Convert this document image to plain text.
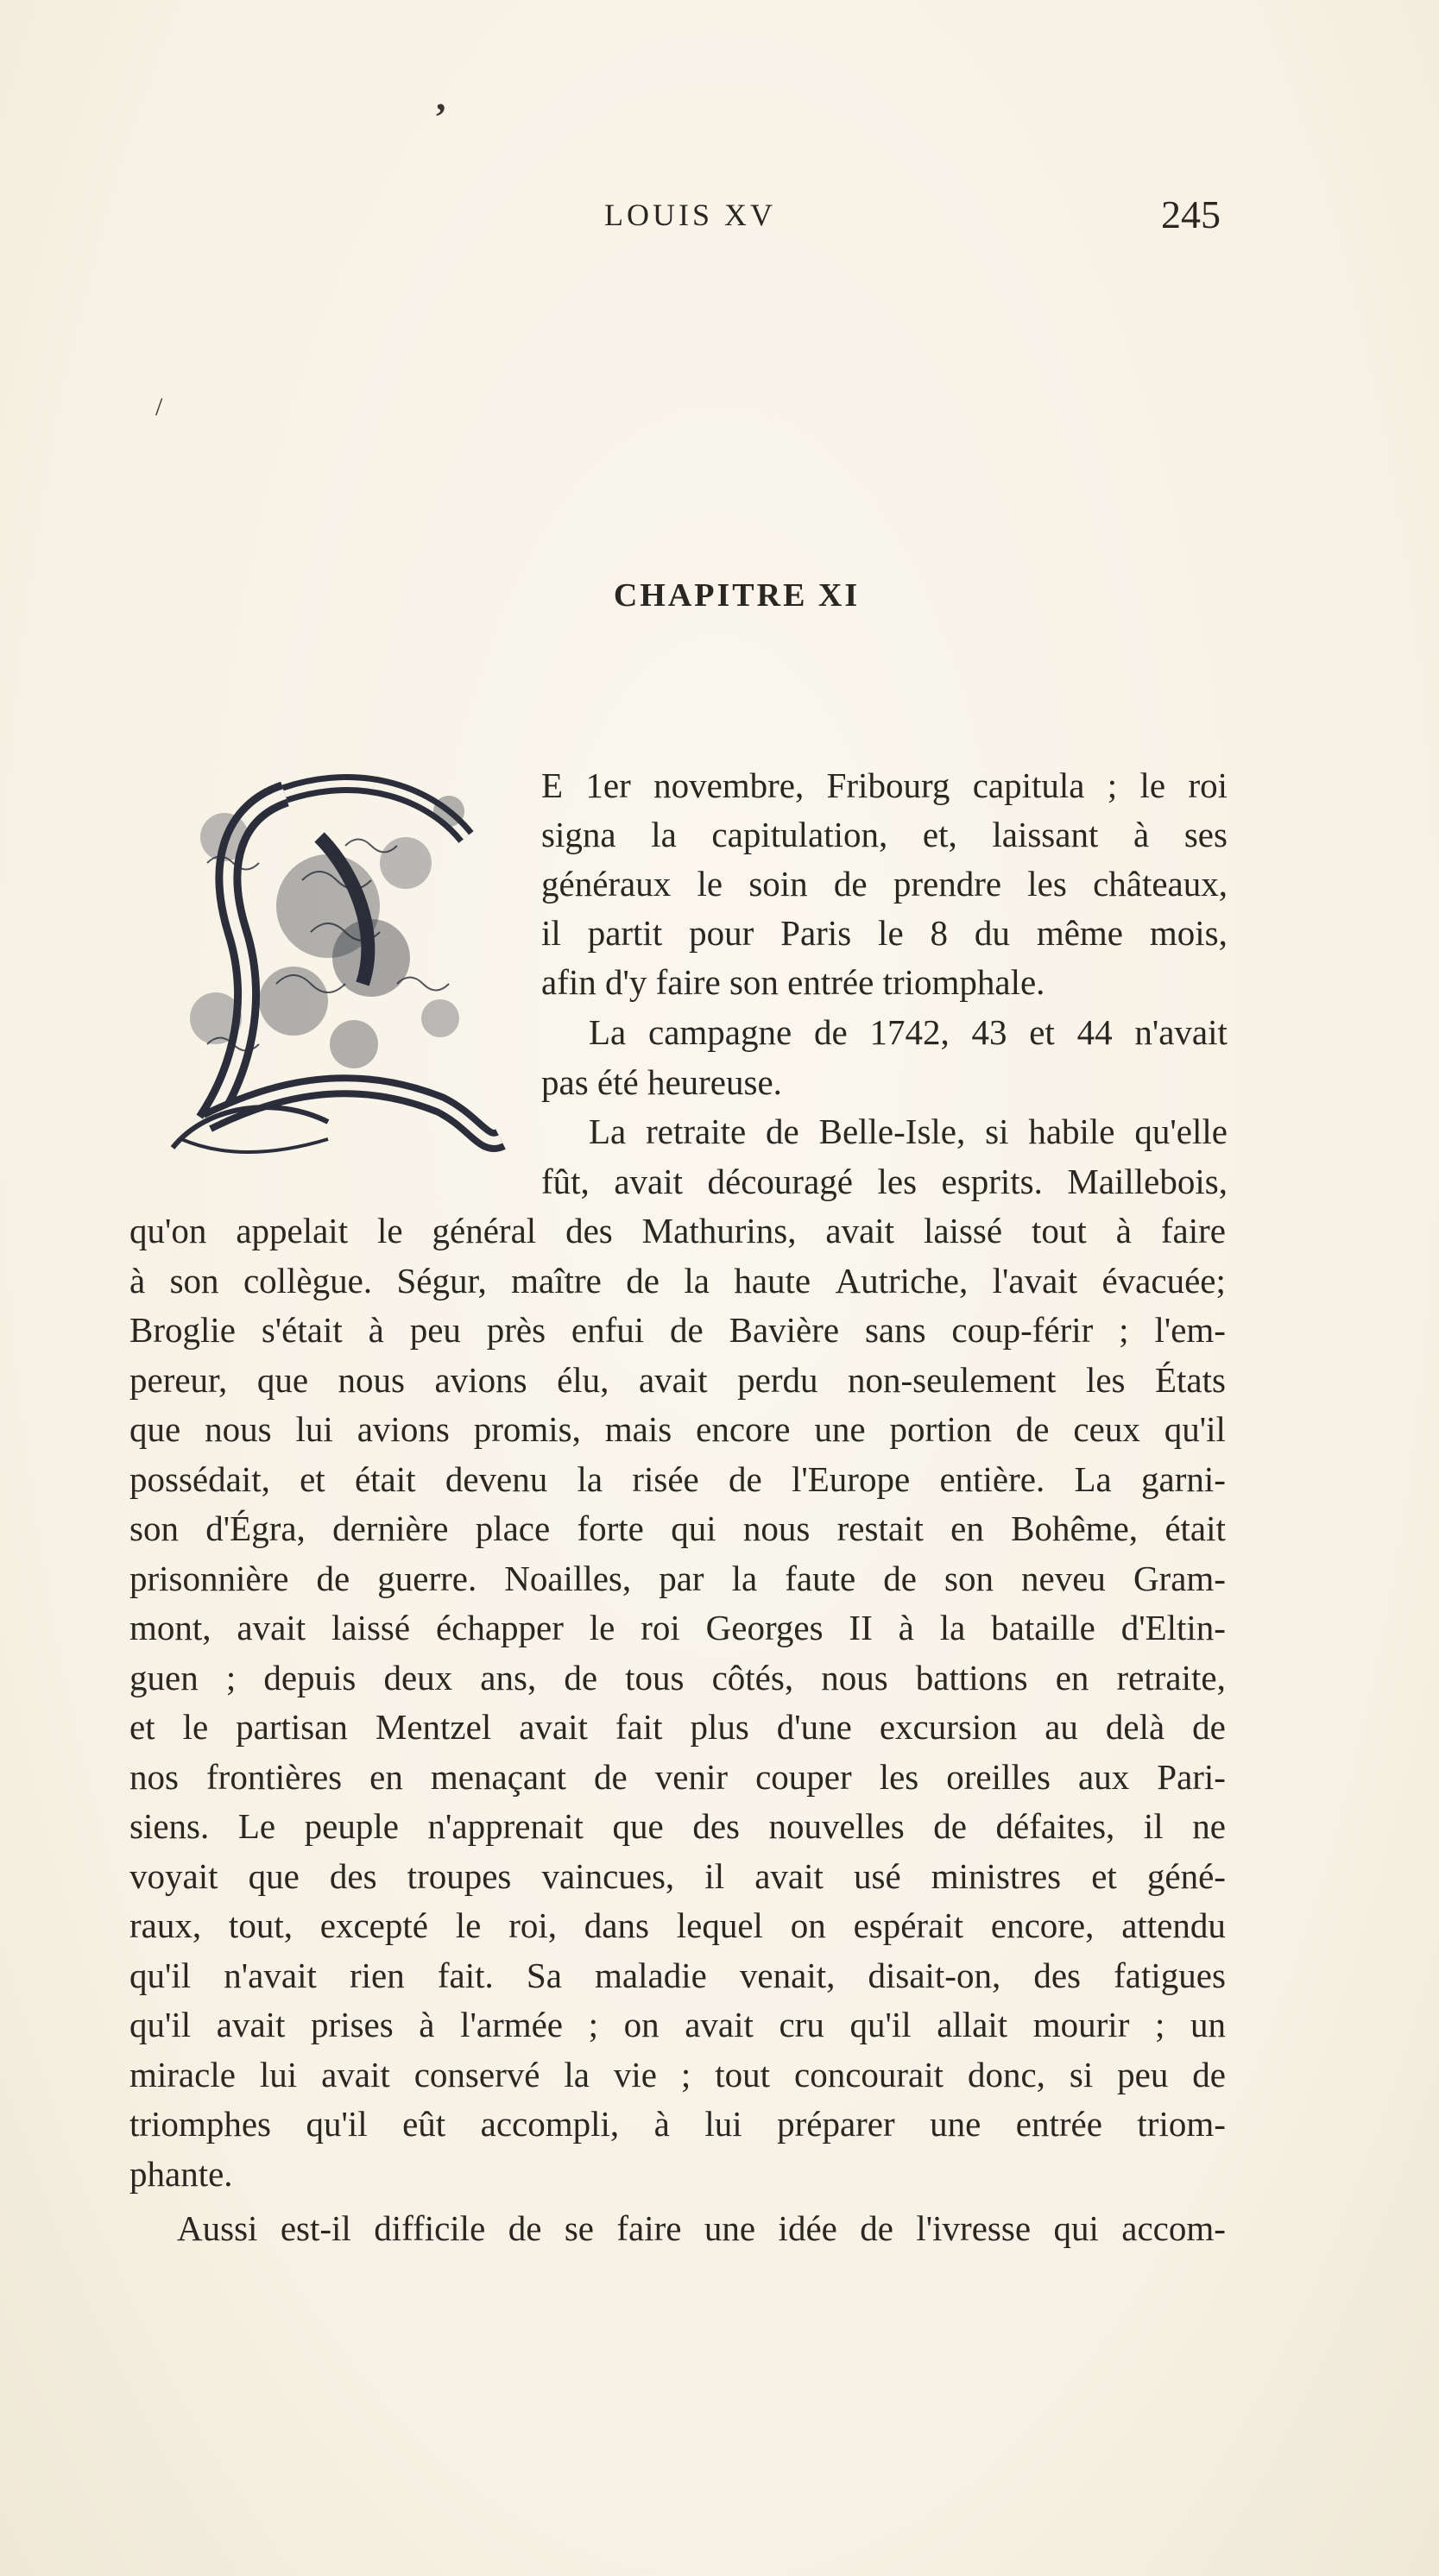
LOUIS XV	245
,
/
CHAPITRE XI
E 1er novembre, Fribourg capitula ; le roi
signa la capitulation, et, laissant à ses
généraux le soin de prendre les châteaux,
il partit pour Paris le 8 du même mois,
afin d'y faire son entrée triomphale.
La campagne de 1742, 43 et 44 n'avait
pas été heureuse.
La retraite de Belle-Isle, si habile qu'elle
fût, avait découragé les esprits. Maillebois,
qu'on appelait le général des Mathurins, avait laissé tout à faire
à son collègue. Ségur, maître de la haute Autriche, l'avait évacuée;
Broglie s'était à peu près enfui de Bavière sans coup-férir ; l'em-
pereur, que nous avions élu, avait perdu non-seulement les États
que nous lui avions promis, mais encore une portion de ceux qu'il
possédait, et était devenu la risée de l'Europe entière. La garni-
son d'Égra, dernière place forte qui nous restait en Bohême, était
prisonnière de guerre. Noailles, par la faute de son neveu Gram-
mont, avait laissé échapper le roi Georges II à la bataille d'Eltin-
guen ; depuis deux ans, de tous côtés, nous battions en retraite,
et le partisan Mentzel avait fait plus d'une excursion au delà de
nos frontières en menaçant de venir couper les oreilles aux Pari-
siens. Le peuple n'apprenait que des nouvelles de défaites, il ne
voyait que des troupes vaincues, il avait usé ministres et géné-
raux, tout, excepté le roi, dans lequel on espérait encore, attendu
qu'il n'avait rien fait. Sa maladie venait, disait-on, des fatigues
qu'il avait prises à l'armée ; on avait cru qu'il allait mourir ; un
miracle lui avait conservé la vie ; tout concourait donc, si peu de
triomphes qu'il eût accompli, à lui préparer une entrée triom-
phante.
Aussi est-il difficile de se faire une idée de l'ivresse qui accom-
